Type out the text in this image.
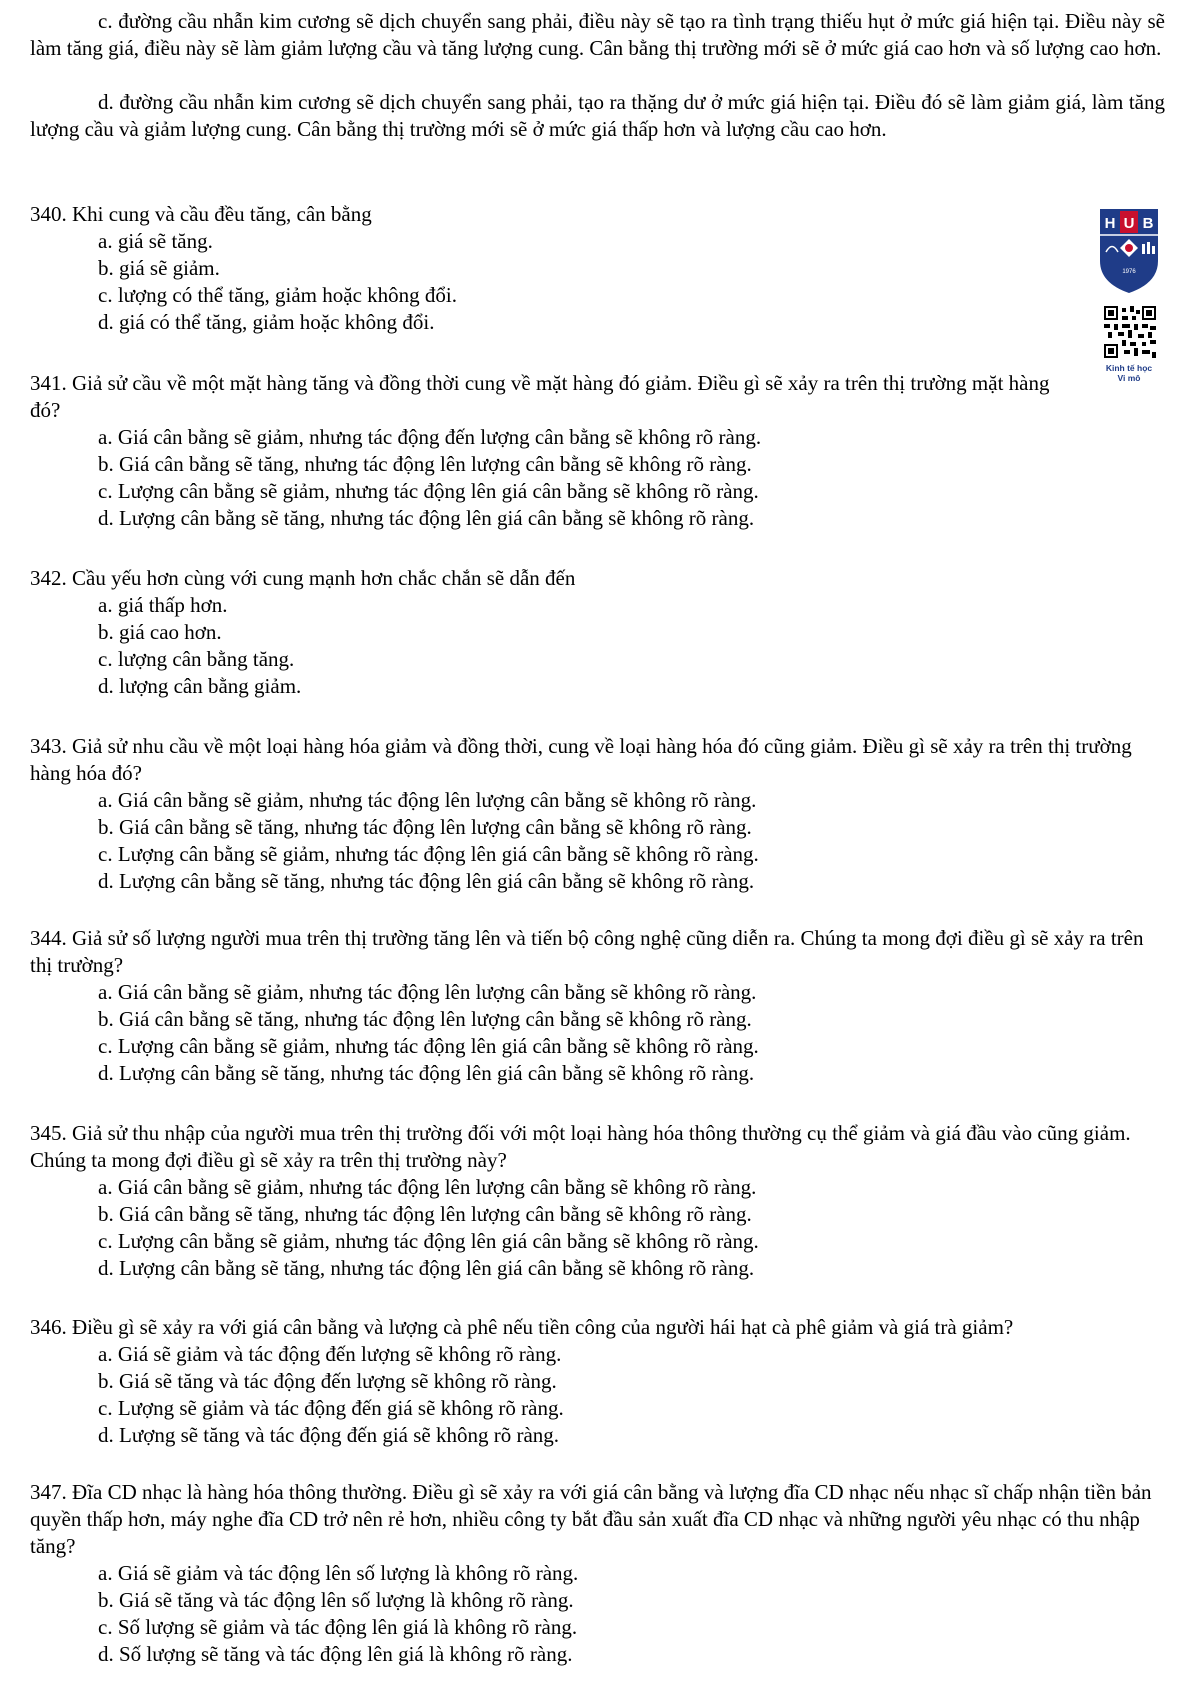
c. đường cầu nhẫn kim cương sẽ dịch chuyển sang phải, điều này sẽ tạo ra tình trạng thiếu hụt ở mức giá hiện tại. Điều này sẽ làm tăng giá, điều này sẽ làm giảm lượng cầu và tăng lượng cung. Cân bằng thị trường mới sẽ ở mức giá cao hơn và số lượng cao hơn.

d. đường cầu nhẫn kim cương sẽ dịch chuyển sang phải, tạo ra thặng dư ở mức giá hiện tại. Điều đó sẽ làm giảm giá, làm tăng lượng cầu và giảm lượng cung. Cân bằng thị trường mới sẽ ở mức giá thấp hơn và lượng cầu cao hơn.

340. Khi cung và cầu đều tăng, cân bằng

a. giá sẽ tăng.
b. giá sẽ giảm.
c. lượng có thể tăng, giảm hoặc không đổi.
d. giá có thể tăng, giảm hoặc không đổi.

341. Giả sử cầu về một mặt hàng tăng và đồng thời cung về mặt hàng đó giảm. Điều gì sẽ xảy ra trên thị trường mặt hàng đó?

a. Giá cân bằng sẽ giảm, nhưng tác động đến lượng cân bằng sẽ không rõ ràng.
b. Giá cân bằng sẽ tăng, nhưng tác động lên lượng cân bằng sẽ không rõ ràng.
c. Lượng cân bằng sẽ giảm, nhưng tác động lên giá cân bằng sẽ không rõ ràng.
d. Lượng cân bằng sẽ tăng, nhưng tác động lên giá cân bằng sẽ không rõ ràng.

342. Cầu yếu hơn cùng với cung mạnh hơn chắc chắn sẽ dẫn đến

a. giá thấp hơn.
b. giá cao hơn.
c. lượng cân bằng tăng.
d. lượng cân bằng giảm.

343. Giả sử nhu cầu về một loại hàng hóa giảm và đồng thời, cung về loại hàng hóa đó cũng giảm. Điều gì sẽ xảy ra trên thị trường hàng hóa đó?

a. Giá cân bằng sẽ giảm, nhưng tác động lên lượng cân bằng sẽ không rõ ràng.
b. Giá cân bằng sẽ tăng, nhưng tác động lên lượng cân bằng sẽ không rõ ràng.
c. Lượng cân bằng sẽ giảm, nhưng tác động lên giá cân bằng sẽ không rõ ràng.
d. Lượng cân bằng sẽ tăng, nhưng tác động lên giá cân bằng sẽ không rõ ràng.

344. Giả sử số lượng người mua trên thị trường tăng lên và tiến bộ công nghệ cũng diễn ra. Chúng ta mong đợi điều gì sẽ xảy ra trên thị trường?

a. Giá cân bằng sẽ giảm, nhưng tác động lên lượng cân bằng sẽ không rõ ràng.
b. Giá cân bằng sẽ tăng, nhưng tác động lên lượng cân bằng sẽ không rõ ràng.
c. Lượng cân bằng sẽ giảm, nhưng tác động lên giá cân bằng sẽ không rõ ràng.
d. Lượng cân bằng sẽ tăng, nhưng tác động lên giá cân bằng sẽ không rõ ràng.

345. Giả sử thu nhập của người mua trên thị trường đối với một loại hàng hóa thông thường cụ thể giảm và giá đầu vào cũng giảm. Chúng ta mong đợi điều gì sẽ xảy ra trên thị trường này?

a. Giá cân bằng sẽ giảm, nhưng tác động lên lượng cân bằng sẽ không rõ ràng.
b. Giá cân bằng sẽ tăng, nhưng tác động lên lượng cân bằng sẽ không rõ ràng.
c. Lượng cân bằng sẽ giảm, nhưng tác động lên giá cân bằng sẽ không rõ ràng.
d. Lượng cân bằng sẽ tăng, nhưng tác động lên giá cân bằng sẽ không rõ ràng.

346. Điều gì sẽ xảy ra với giá cân bằng và lượng cà phê nếu tiền công của người hái hạt cà phê giảm và giá trà giảm?

a. Giá sẽ giảm và tác động đến lượng sẽ không rõ ràng.
b. Giá sẽ tăng và tác động đến lượng sẽ không rõ ràng.
c. Lượng sẽ giảm và tác động đến giá sẽ không rõ ràng.
d. Lượng sẽ tăng và tác động đến giá sẽ không rõ ràng.

347. Đĩa CD nhạc là hàng hóa thông thường. Điều gì sẽ xảy ra với giá cân bằng và lượng đĩa CD nhạc nếu nhạc sĩ chấp nhận tiền bản quyền thấp hơn, máy nghe đĩa CD trở nên rẻ hơn, nhiều công ty bắt đầu sản xuất đĩa CD nhạc và những người yêu nhạc có thu nhập tăng?

a. Giá sẽ giảm và tác động lên số lượng là không rõ ràng.
b. Giá sẽ tăng và tác động lên số lượng là không rõ ràng.
c. Số lượng sẽ giảm và tác động lên giá là không rõ ràng.
d. Số lượng sẽ tăng và tác động lên giá là không rõ ràng.
H U B
1976
Kinh tế học
Vi mô
